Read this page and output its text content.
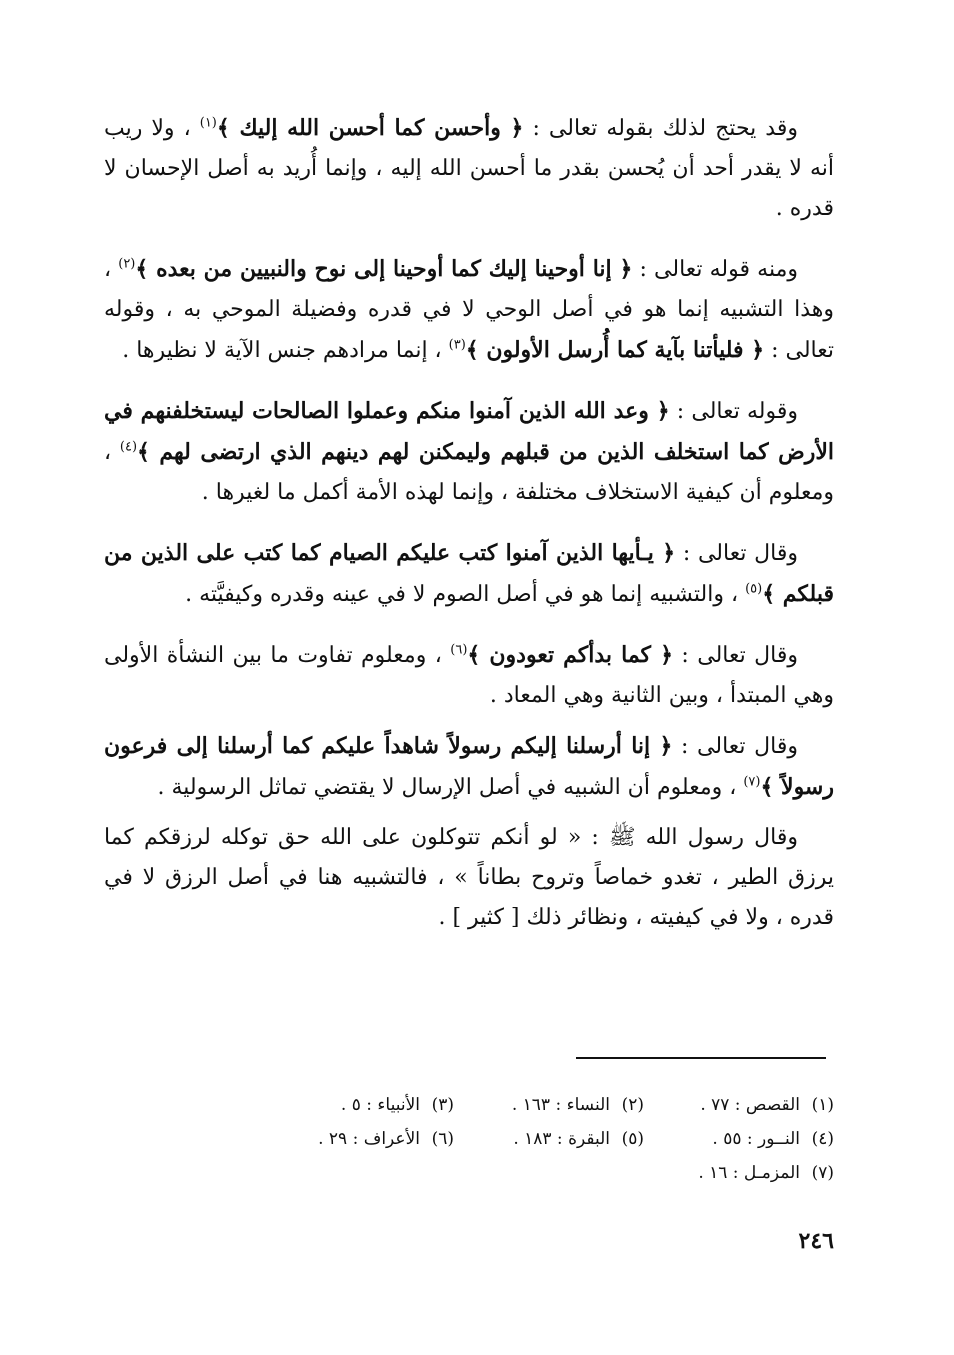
وقد يحتج لذلك بقوله تعالى : ﴿ وأحسن كما أحسن الله إليك ﴾$^{(١)}$ ، ولا ريب أنه لا يقدر أحد أن يُحسن بقدر ما أحسن الله إليه ، وإنما أُريد به أصل الإحسان لا قدره .

ومنه قوله تعالى : ﴿ إنا أوحينا إليك كما أوحينا إلى نوح والنبيين من بعده ﴾$^{(٢)}$ ، وهذا التشبيه إنما هو في أصل الوحي لا في قدره وفضيلة الموحي به ، وقوله تعالى : ﴿ فليأتنا بآية كما أُرسل الأولون ﴾$^{(٣)}$ ، إنما مرادهم جنس الآية لا نظيرها .

وقوله تعالى : ﴿ وعد الله الذين آمنوا منكم وعملوا الصالحات ليستخلفنهم في الأرض كما استخلف الذين من قبلهم وليمكنن لهم دينهم الذي ارتضى لهم ﴾$^{(٤)}$ ، ومعلوم أن كيفية الاستخلاف مختلفة ، وإنما لهذه الأمة أكمل ما لغيرها .

وقال تعالى : ﴿ يـأيها الذين آمنوا كتب عليكم الصيام كما كتب على الذين من قبلكم ﴾$^{(٥)}$ ، والتشبيه إنما هو في أصل الصوم لا في عينه وقدره وكيفيَّته .

وقال تعالى : ﴿ كما بدأكم تعودون ﴾$^{(٦)}$ ، ومعلوم تفاوت ما بين النشأة الأولى وهي المبتدأ ، وبين الثانية وهي المعاد .

وقال تعالى : ﴿ إنا أرسلنا إليكم رسولاً شاهداً عليكم كما أرسلنا إلى فرعون رسولاً ﴾$^{(٧)}$ ، ومعلوم أن الشبيه في أصل الإرسال لا يقتضي تماثل الرسولية .

وقال رسول الله ﷺ : « لو أنكم تتوكلون على الله حق توكله لرزقكم كما يرزق الطير ، تغدو خماصاً وتروح بطاناً » ، فالتشبيه هنا في أصل الرزق لا في قدره ، ولا في كيفيته ، ونظائر ذلك [ كثير ] .

(١)القصص : ٧٧ .
(٢)النساء : ١٦٣ .
(٣)الأنبياء : ٥ .
(٤)النــور : ٥٥ .
(٥)البقرة : ١٨٣ .
(٦)الأعراف : ٢٩ .
(٧)المزمـل : ١٦ .
٢٤٦
